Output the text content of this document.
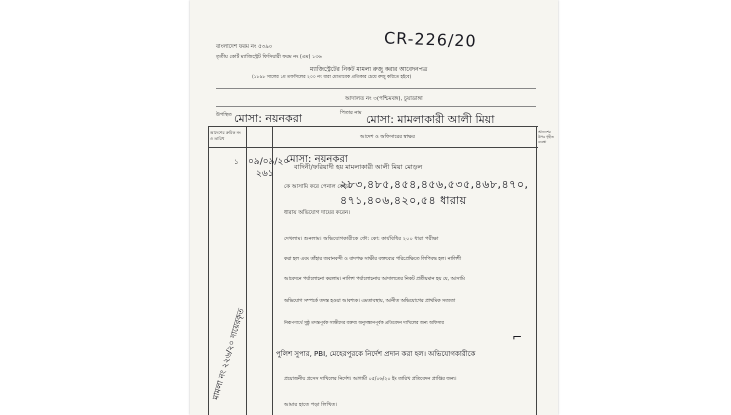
বাংলাদেশ ফরম নং ৫৩৯০
তৃতীয় কোর্ট ম্যাজিস্ট্রেট ফিসিয়ারী ফরম নং (এম) ১৩৬
ম্যাজিস্ট্রেটের নিকট মামলা রুজু করার আবেদনপত্র
(১৮৯৮ সালের ১ম তফসিলের ২০০ নং ধারা মোতাবেক প্রতিকার চেয়ে রুজু করিতে হইবে)
CR-226/20
আদালত নং ৩(পশ্চিমবঙ্গ), চুয়াডাঙ্গা
উপস্থিত মোসা: নয়নকরা	পিতার নাম মোসা: মামলাকারী আলী মিয়া
আদেশের ক্রমিক নং ও তারিখ	আদেশ ও অফিসারের স্বাক্ষর
আদেশের উপর গৃহীত ব্যবস্থা
১ ০৯/০৯/২০
মোসা: নয়নকরা
২৬১
বাদিনী/ফরিয়াদী হয় মামলাকারী আলী মিয়া মোড়ল
কে আসামি করে পেনাল কোড
২৮৩,৪৮৫,৪৫৪,৪৫৬,৫৩৫,৪৬৮,৪৭০,
৪৭১,৪০৬,৪২০,৫৪ ধারায়
ধারায় অভিযোগ দায়ের করেন।
দেখলাম। শুনলাম। অভিযোগকারীকে ফৌ: কো: কার্যবিধির ২০০ ধারা পরীক্ষা
করা হল এবং তাঁহার জবানবন্দী ও বাদপক্ষ সাক্ষীর বক্তব্যের পরিপ্রেক্ষিতে লিপিবদ্ধ হল। নালিশী
আবেদনে পর্যালোচনা করলাম। নালিশ পর্যালোচনায় আদালতের নিকট প্রতীয়মান হয় যে, আসামি
অভিযোগ সম্পর্কে তদন্ত হওয়া আবশ্যক। এমতাবস্থায়, আনীত অভিযোগের প্রাথমিক সত্যতা
নিরূপণার্থে সুষ্ঠু তদন্তপূর্বক সাক্ষীদের বক্তব্য অনুসন্ধানপূর্বক প্রতিবেদন দাখিলের জন্য অফিসার
পুলিশ সুপার, PBI, মেহেরপুরকে নির্দেশ প্রদান করা হল। অভিযোগকারীকে
প্রয়োজনীয় প্রসেস দাখিলের নির্দেশ। আগামী ০৫/০৬/২০ ইং তারিখ প্রতিবেদন প্রাপ্তির জন্য।
আমার হাতে পড়া লিখিত।
মামলা নং ২২৬/২০ দায়েরকৃত	⌐
